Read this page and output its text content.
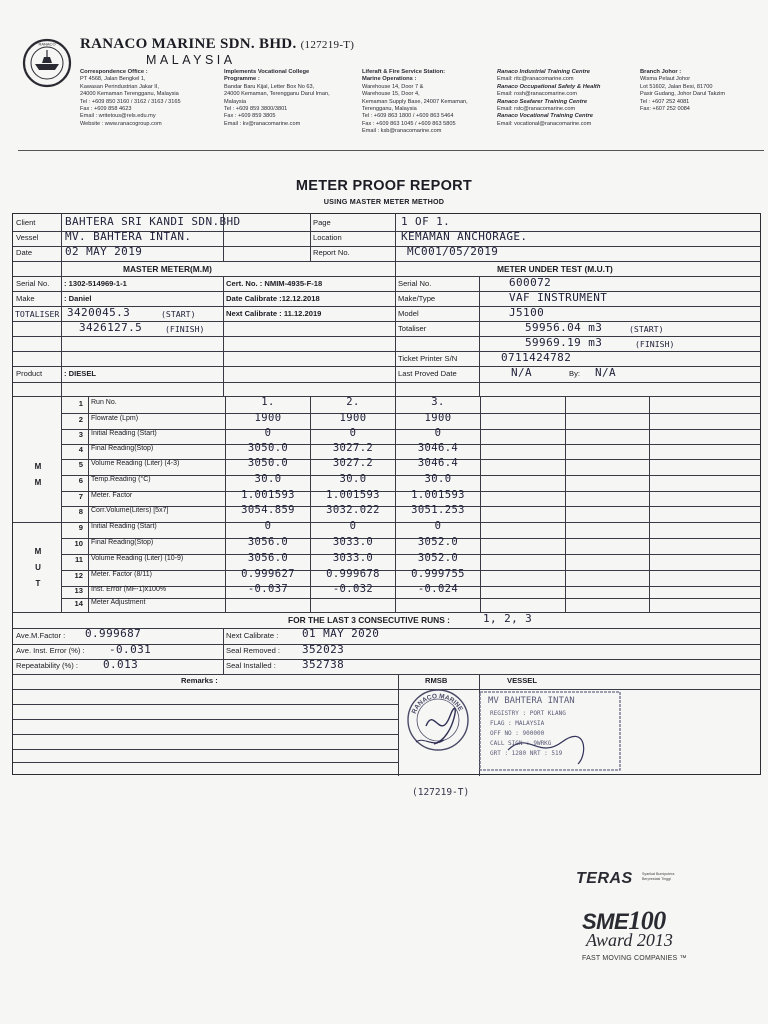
RANACO RANACO MARINE SDN. BHD. (127219-T)
MALAYSIA
Correspondence Office :
PT 4568, Jalan Bengkel 1,
Kawasan Perindustrian Jakar II,
24000 Kemaman Terengganu, Malaysia
Tel : +609 850 3160 / 3162 / 3163 / 3165
Fax : +609 858 4623
Email : writetous@rels.edu.my
Website : www.ranacogroup.com
Implements Vocational College
Programme :
Bandar Baru Kijal, Letter Box No 63,
24000 Kemaman, Terengganu Darul Iman,
Malaysia
Tel : +609 859 3800/3801
Fax : +609 859 3805
Email : kv@ranacomarine.com
Liferaft & Fire Service Station:
Marine Operations :
Warehouse 14, Door 7 &
Warehouse 15, Door 4,
Kemaman Supply Base, 24007 Kemaman,
Terengganu, Malaysia
Tel : +609 863 1800 / +609 863 5464
Fax : +609 863 1045 / +609 863 5805
Email : ksb@ranacomarine.com
Ranaco Industrial Training Centre
Email: ritc@ranacomarine.com
Ranaco Occupational Safety & Health
Email: rosh@ranacomarine.com
Ranaco Seafarer Training Centre
Email: rstc@ranacomarine.com
Ranaco Vocational Training Centre
Email: vocational@ranacomarine.com
Branch Johor :
Wisma Pelaut Johor
Lot 51602, Jalan Besi, 81700
Pasir Gudang, Johor Darul Takzim
Tel : +607 252 4081
Fax: +607 252 0084
METER PROOF REPORT
USING MASTER METER METHOD
Client	BAHTERA SRI KANDI SDN.BHD	Page	1 OF 1.
Vessel MV. BAHTERA INTAN.	Location	KEMAMAN ANCHORAGE.
Date	02 MAY 2019	Report No.	MC001/05/2019
MASTER METER(M.M)	METER UNDER TEST (M.U.T)
Serial No. : 1302-514969-1-1	Cert. No. : NMIM-4935-F-18
Make	: Daniel	Date Calibrate :12.12.2018
TOTALISER 3420045.3	(START)	Next Calibrate : 11.12.2019
3426127.5	(FINISH)
Product	: DIESEL
Serial No.	600072
Make/Type	VAF INSTRUMENT
Model	J5100
Totaliser	59956.04 m3	(START)
59969.19 m3	(FINISH)
Ticket Printer S/N	0711424782
Last Proved Date	N/A	By: N/A
M
M
M
U
T
1 Run No.	1.	2.	3.
2 Flowrate (Lpm)	1900	1900	1900
3 Initial Reading (Start)	0	0	0
4 Final Reading(Stop)	3050.0	3027.2	3046.4
5 Volume Reading (Liter) (4-3)	3050.0	3027.2	3046.4
6 Temp.Reading (°C)	30.0	30.0	30.0
7 Meter. Factor	1.001593	1.001593	1.001593
8 Corr.Volume(Liters) [5x7]	3054.859	3032.022	3051.253
9 Initial Reading (Start)	0	0	0
10 Final Reading(Stop)	3056.0	3033.0	3052.0
11 Volume Reading (Liter) (10-9)	3056.0	3033.0	3052.0
12 Meter. Factor (8/11)	0.999627	0.999678	0.999755
13 Inst. Error (MF-1)x100%	-0.037	-0.032	-0.024
14 Meter Adjustment
FOR THE LAST 3 CONSECUTIVE RUNS :	1, 2, 3
Ave.M.Factor : 0.999687	Next Calibrate : 01 MAY 2020
Ave. Inst. Error (%) : -0.031	Seal Removed : 352023
Repeatability (%) : 0.013	Seal Installed : 352738
Remarks :	RMSB	VESSEL
RANACO MARINE
MV BAHTERA INTAN
REGISTRY : PORT KLANG
FLAG : MALAYSIA
OFF NO : 900000
CALL SIGN : 9WRKG
GRT : 1280 NRT : 519
(127219-T)
TERAS	Syarikat Bumiputera
Berprestasi Tinggi
SME100
Award 2013
FAST MOVING COMPANIES ™
